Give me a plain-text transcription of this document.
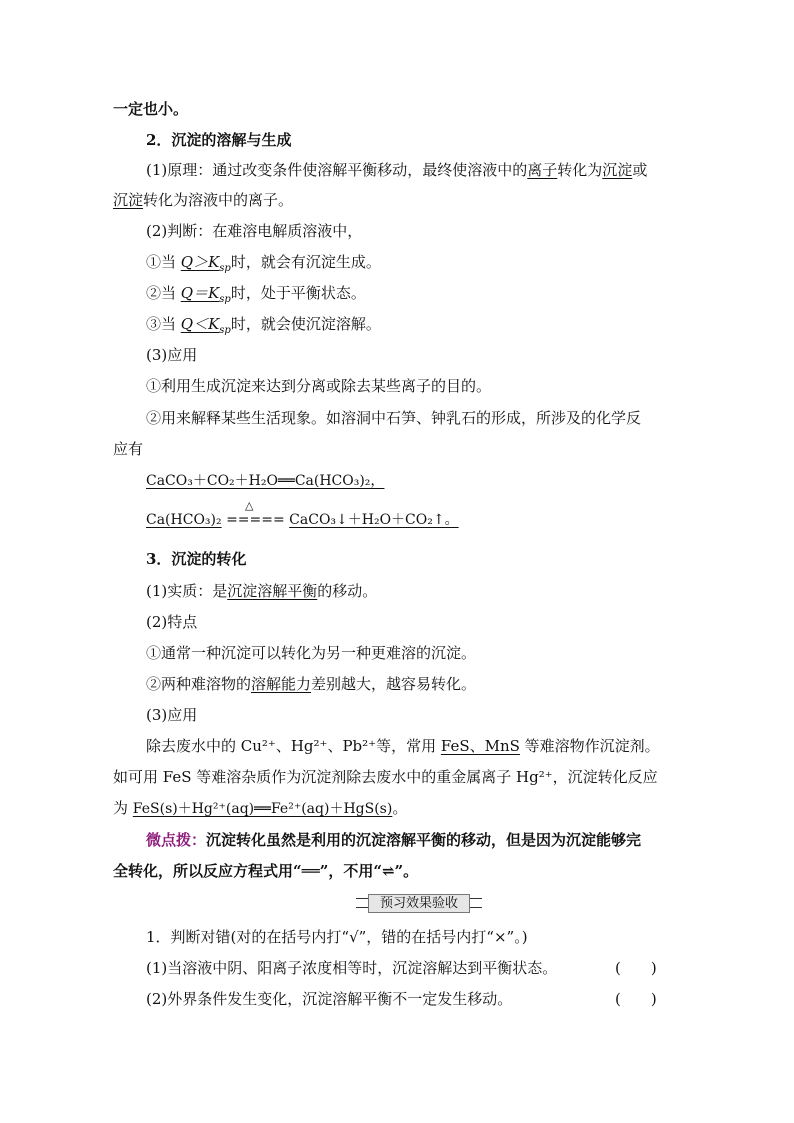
一定也小。
2．沉淀的溶解与生成
(1)原理：通过改变条件使溶解平衡移动，最终使溶液中的离子转化为沉淀或
沉淀转化为溶液中的离子。
(2)判断：在难溶电解质溶液中，
①当 $Q>K_{sp}$时，就会有沉淀生成。
②当 $Q=K_{sp}$时，处于平衡状态。
③当 $Q<K_{sp}$时，就会使沉淀溶解。
(3)应用
①利用生成沉淀来达到分离或除去某些离子的目的。
②用来解释某些生活现象。如溶洞中石笋、钟乳石的形成，所涉及的化学反
应有
CaCO₃＋CO₂＋H₂O══Ca(HCO₃)₂，
△
Ca(HCO₃)₂ ===== CaCO₃↓＋H₂O＋CO₂↑。
3．沉淀的转化
(1)实质：是沉淀溶解平衡的移动。
(2)特点
①通常一种沉淀可以转化为另一种更难溶的沉淀。
②两种难溶物的溶解能力差别越大，越容易转化。
(3)应用
除去废水中的 Cu²⁺、Hg²⁺、Pb²⁺等，常用 FeS、MnS 等难溶物作沉淀剂。
如可用 FeS 等难溶杂质作为沉淀剂除去废水中的重金属离子 Hg²⁺，沉淀转化反应
为 FeS(s)＋Hg²⁺(aq)══Fe²⁺(aq)＋HgS(s)。
微点拨：沉淀转化虽然是利用的沉淀溶解平衡的移动，但是因为沉淀能够完
全转化，所以反应方程式用“══”，不用“⇌”。
预习效果验收
1．判断对错(对的在括号内打“√”，错的在括号内打“×”。)
(1)当溶液中阴、阳离子浓度相等时，沉淀溶解达到平衡状态。	(　　)
(2)外界条件发生变化，沉淀溶解平衡不一定发生移动。	(　　)
